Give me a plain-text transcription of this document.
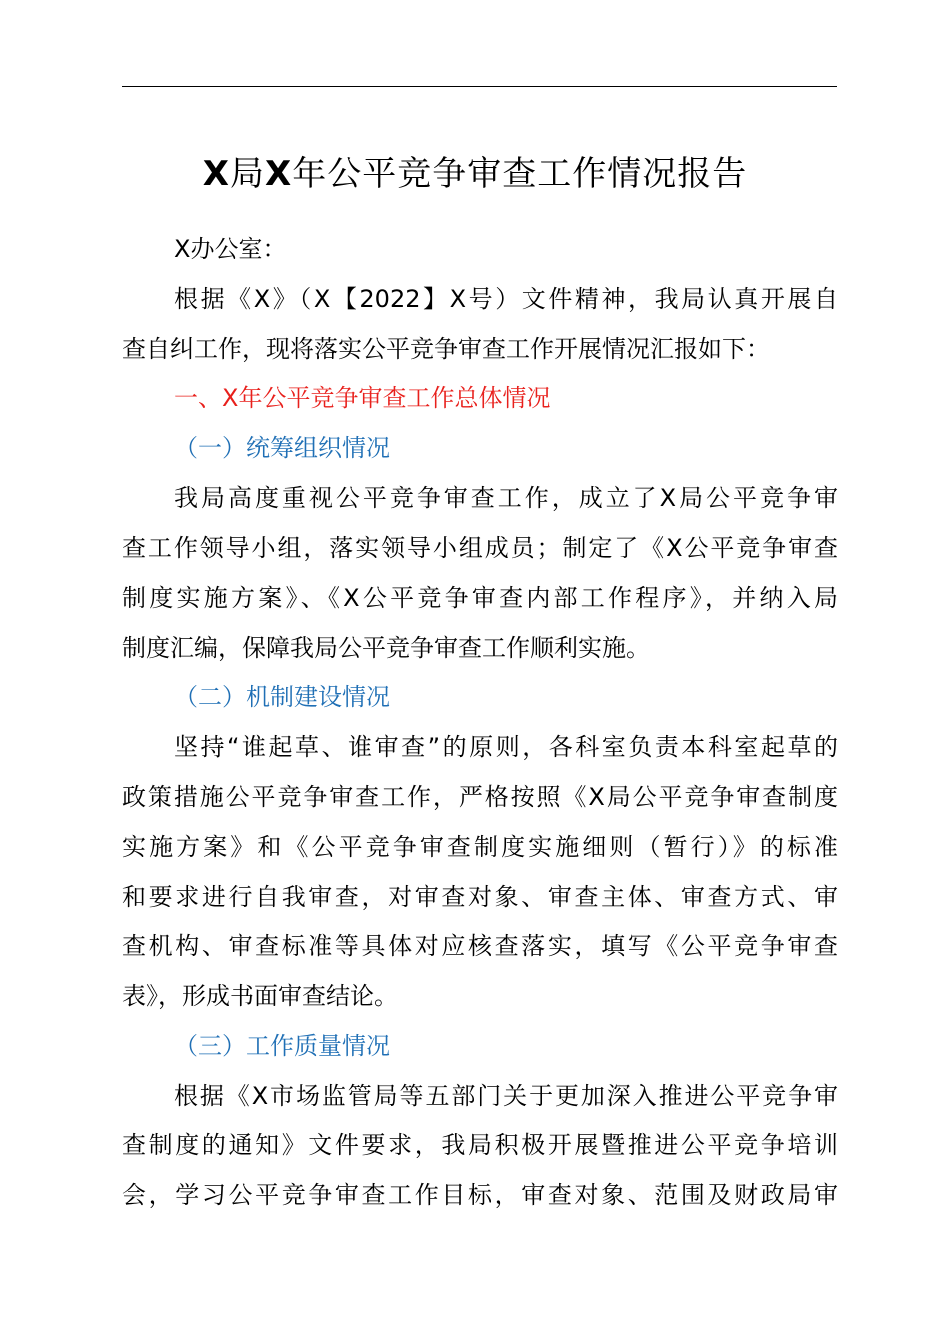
X局X年公平竞争审查工作情况报告
X办公室：
根据《X》（X【2022】X号）文件精神，我局认真开展自
查自纠工作，现将落实公平竞争审查工作开展情况汇报如下：
一、X年公平竞争审查工作总体情况
（一）统筹组织情况
我局高度重视公平竞争审查工作，成立了X局公平竞争审
查工作领导小组，落实领导小组成员；制定了《X公平竞争审查
制度实施方案》、《X公平竞争审查内部工作程序》，并纳入局
制度汇编，保障我局公平竞争审查工作顺利实施。
（二）机制建设情况
坚持“谁起草、谁审查”的原则，各科室负责本科室起草的
政策措施公平竞争审查工作，严格按照《X局公平竞争审查制度
实施方案》和《公平竞争审查制度实施细则（暂行）》的标准
和要求进行自我审查，对审查对象、审查主体、审查方式、审
查机构、审查标准等具体对应核查落实，填写《公平竞争审查
表》，形成书面审查结论。
（三）工作质量情况
根据《X市场监管局等五部门关于更加深入推进公平竞争审
查制度的通知》文件要求，我局积极开展暨推进公平竞争培训
会，学习公平竞争审查工作目标，审查对象、范围及财政局审
